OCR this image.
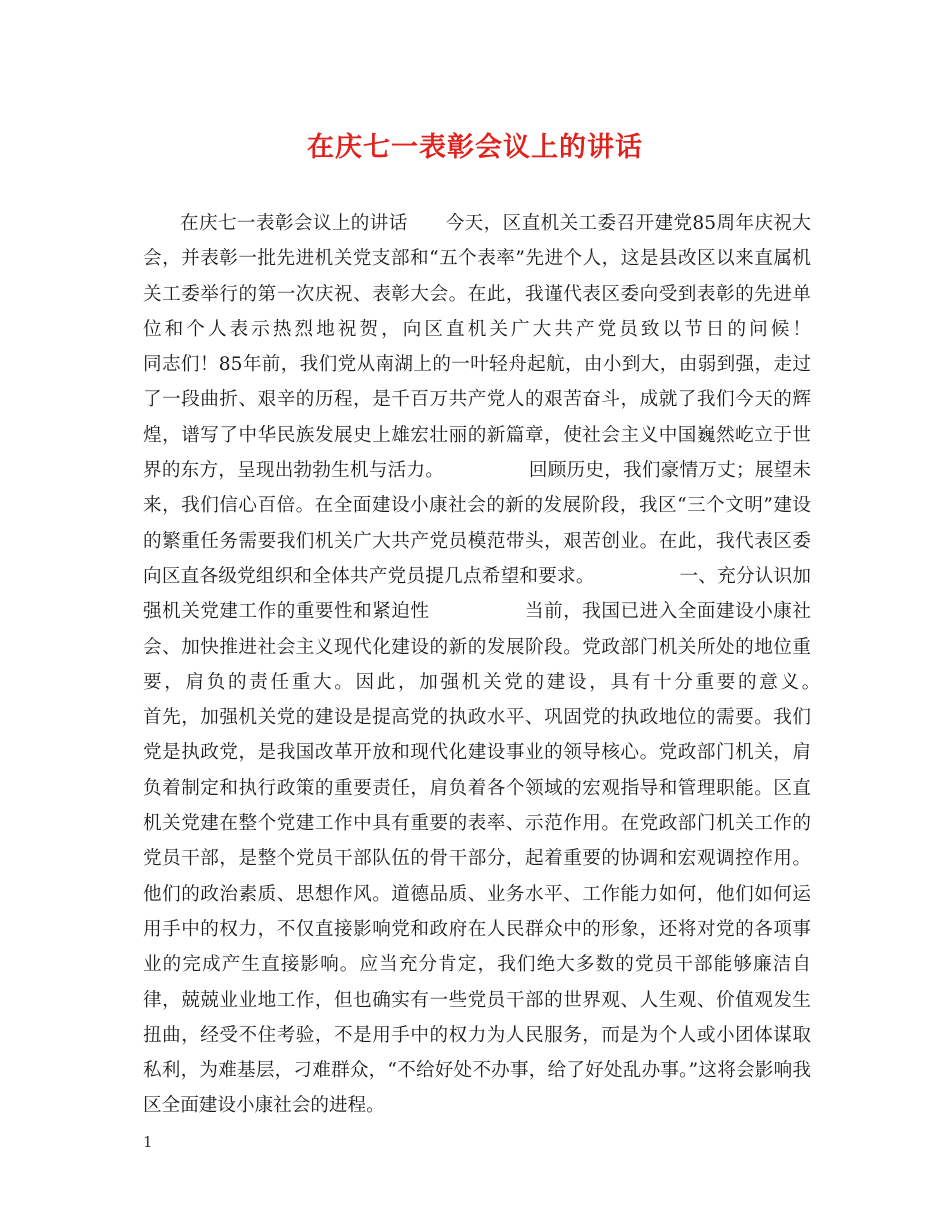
在庆七一表彰会议上的讲话

在庆七一表彰会议上的讲话　　今天，区直机关工委召开建党85周年庆祝大会，并表彰一批先进机关党支部和“五个表率”先进个人，这是县改区以来直属机关工委举行的第一次庆祝、表彰大会。在此，我谨代表区委向受到表彰的先进单位和个人表示热烈地祝贺，向区直机关广大共产党员致以节日的问候！　　　　　　　同志们！85年前，我们党从南湖上的一叶轻舟起航，由小到大，由弱到强，走过了一段曲折、艰辛的历程，是千百万共产党人的艰苦奋斗，成就了我们今天的辉煌，谱写了中华民族发展史上雄宏壮丽的新篇章，使社会主义中国巍然屹立于世界的东方，呈现出勃勃生机与活力。　　　　　回顾历史，我们豪情万丈；展望未来，我们信心百倍。在全面建设小康社会的新的发展阶段，我区“三个文明”建设的繁重任务需要我们机关广大共产党员模范带头，艰苦创业。在此，我代表区委向区直各级党组织和全体共产党员提几点希望和要求。　　　　　一、充分认识加强机关党建工作的重要性和紧迫性　　　　　当前，我国已进入全面建设小康社会、加快推进社会主义现代化建设的新的发展阶段。党政部门机关所处的地位重要，肩负的责任重大。因此，加强机关党的建设，具有十分重要的意义。　　　　　首先，加强机关党的建设是提高党的执政水平、巩固党的执政地位的需要。我们党是执政党，是我国改革开放和现代化建设事业的领导核心。党政部门机关，肩负着制定和执行政策的重要责任，肩负着各个领域的宏观指导和管理职能。区直机关党建在整个党建工作中具有重要的表率、示范作用。在党政部门机关工作的党员干部，是整个党员干部队伍的骨干部分，起着重要的协调和宏观调控作用。他们的政治素质、思想作风。道德品质、业务水平、工作能力如何，他们如何运用手中的权力，不仅直接影响党和政府在人民群众中的形象，还将对党的各项事业的完成产生直接影响。应当充分肯定，我们绝大多数的党员干部能够廉洁自律，兢兢业业地工作，但也确实有一些党员干部的世界观、人生观、价值观发生扭曲，经受不住考验，不是用手中的权力为人民服务，而是为个人或小团体谋取私利，为难基层，刁难群众，“不给好处不办事，给了好处乱办事。”这将会影响我区全面建设小康社会的进程。

1
